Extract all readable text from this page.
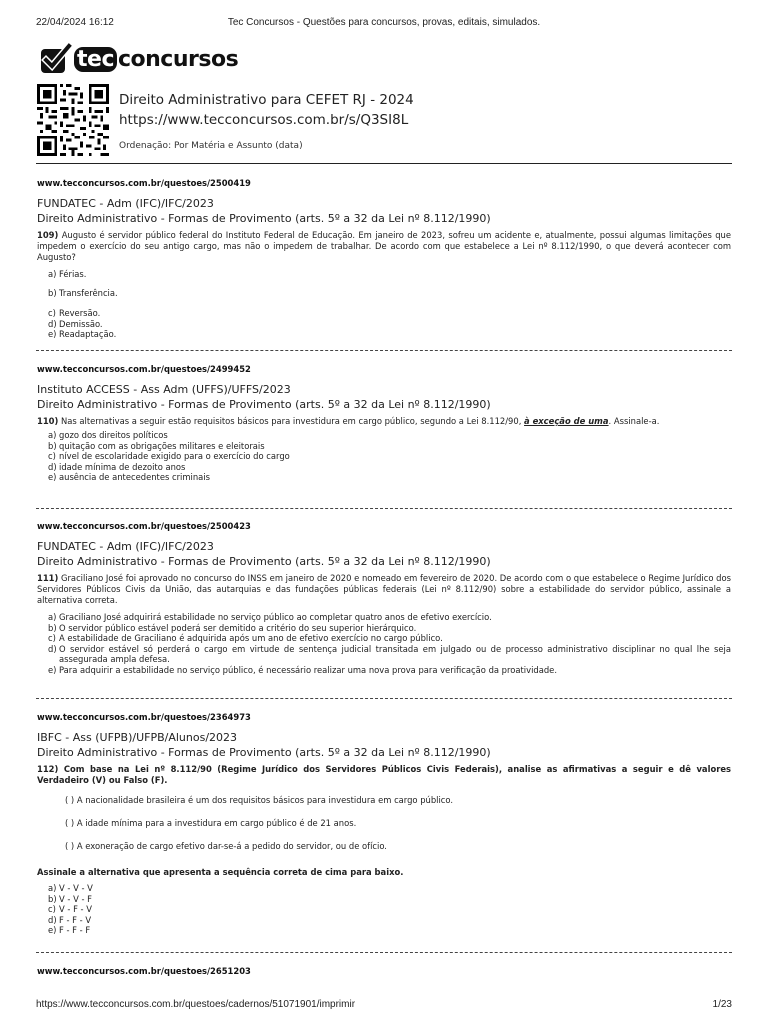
22/04/2024 16:12	Tec Concursos - Questões para concursos, provas, editais, simulados.
tec concursos
Direito Administrativo para CEFET RJ - 2024
https://www.tecconcursos.com.br/s/Q3SI8L
Ordenação: Por Matéria e Assunto (data)
www.tecconcursos.com.br/questoes/2500419
FUNDATEC - Adm (IFC)/IFC/2023
Direito Administrativo - Formas de Provimento (arts. 5º a 32 da Lei nº 8.112/1990)
109) Augusto é servidor público federal do Instituto Federal de Educação. Em janeiro de 2023, sofreu um acidente e, atualmente, possui algumas limitações que impedem o exercício do seu antigo cargo, mas não o impedem de trabalhar. De acordo com que estabelece a Lei nº 8.112/1990, o que deverá acontecer com Augusto?
a) Férias.
b) Transferência.
c) Reversão.
d) Demissão.
e) Readaptação.
www.tecconcursos.com.br/questoes/2499452
Instituto ACCESS - Ass Adm (UFFS)/UFFS/2023
Direito Administrativo - Formas de Provimento (arts. 5º a 32 da Lei nº 8.112/1990)
110) Nas alternativas a seguir estão requisitos básicos para investidura em cargo público, segundo a Lei 8.112/90, à exceção de uma. Assinale-a.
a) gozo dos direitos políticos
b) quitação com as obrigações militares e eleitorais
c) nível de escolaridade exigido para o exercício do cargo
d) idade mínima de dezoito anos
e) ausência de antecedentes criminais
www.tecconcursos.com.br/questoes/2500423
FUNDATEC - Adm (IFC)/IFC/2023
Direito Administrativo - Formas de Provimento (arts. 5º a 32 da Lei nº 8.112/1990)
111) Graciliano José foi aprovado no concurso do INSS em janeiro de 2020 e nomeado em fevereiro de 2020. De acordo com o que estabelece o Regime Jurídico dos Servidores Públicos Civis da União, das autarquias e das fundações públicas federais (Lei nº 8.112/90) sobre a estabilidade do servidor público, assinale a alternativa correta.
a) Graciliano José adquirirá estabilidade no serviço público ao completar quatro anos de efetivo exercício.
b) O servidor público estável poderá ser demitido a critério do seu superior hierárquico.
c) A estabilidade de Graciliano é adquirida após um ano de efetivo exercício no cargo público.
d) O servidor estável só perderá o cargo em virtude de sentença judicial transitada em julgado ou de processo administrativo disciplinar no qual lhe seja assegurada ampla defesa.
e) Para adquirir a estabilidade no serviço público, é necessário realizar uma nova prova para verificação da proatividade.
www.tecconcursos.com.br/questoes/2364973
IBFC - Ass (UFPB)/UFPB/Alunos/2023
Direito Administrativo - Formas de Provimento (arts. 5º a 32 da Lei nº 8.112/1990)
112) Com base na Lei nº 8.112/90 (Regime Jurídico dos Servidores Públicos Civis Federais), analise as afirmativas a seguir e dê valores Verdadeiro (V) ou Falso (F).
( ) A nacionalidade brasileira é um dos requisitos básicos para investidura em cargo público.
( ) A idade mínima para a investidura em cargo público é de 21 anos.
( ) A exoneração de cargo efetivo dar-se-á a pedido do servidor, ou de ofício.
Assinale a alternativa que apresenta a sequência correta de cima para baixo.
a) V - V - V
b) V - V - F
c) V - F - V
d) F - F - V
e) F - F - F
www.tecconcursos.com.br/questoes/2651203
https://www.tecconcursos.com.br/questoes/cadernos/51071901/imprimir	1/23
